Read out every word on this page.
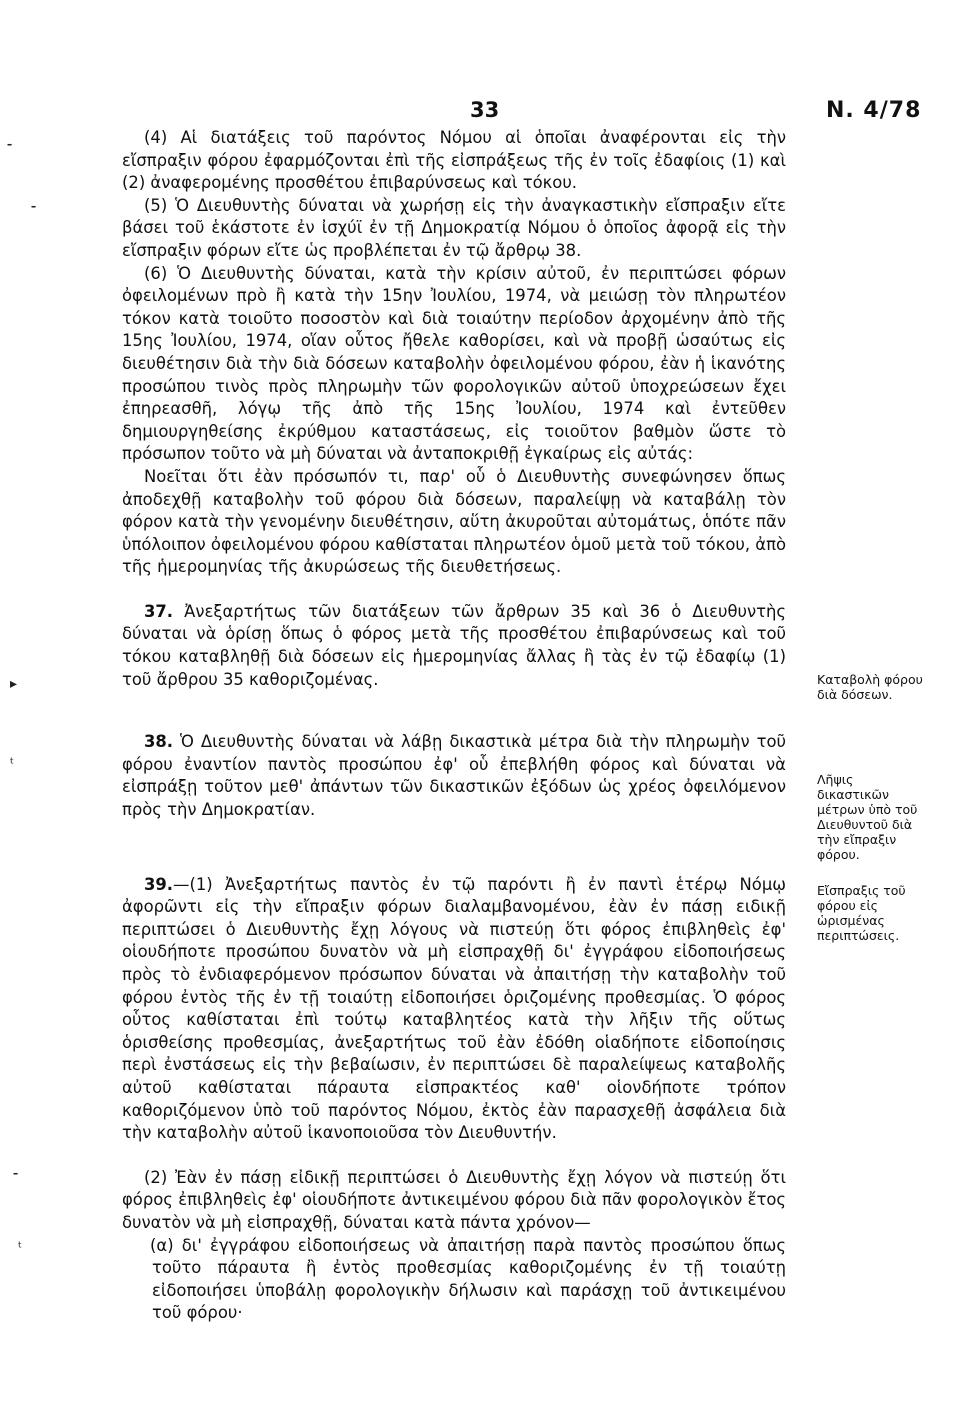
33	N. 4/78

(4) Αἱ διατάξεις τοῦ παρόντος Νόμου αἱ ὁποῖαι ἀναφέρονται εἰς τὴν εἴσπραξιν φόρου ἐφαρμόζονται ἐπὶ τῆς εἰσπράξεως τῆς ἐν τοῖς ἐδαφίοις (1) καὶ (2) ἀναφερομένης προσθέτου ἐπιβαρύνσεως καὶ τόκου.

(5) Ὁ Διευθυντὴς δύναται νὰ χωρήσῃ εἰς τὴν ἀναγκαστικὴν εἴσπραξιν εἴτε βάσει τοῦ ἑκάστοτε ἐν ἰσχύϊ ἐν τῇ Δημοκρατίᾳ Νόμου ὁ ὁποῖος ἀφορᾷ εἰς τὴν εἴσπραξιν φόρων εἴτε ὡς προβλέπεται ἐν τῷ ἄρθρῳ 38.

(6) Ὁ Διευθυντὴς δύναται, κατὰ τὴν κρίσιν αὐτοῦ, ἐν περιπτώσει φόρων ὀφειλομένων πρὸ ἢ κατὰ τὴν 15ην Ἰουλίου, 1974, νὰ μειώσῃ τὸν πληρωτέον τόκον κατὰ τοιοῦτο ποσοστὸν καὶ διὰ τοιαύτην περίοδον ἀρχομένην ἀπὸ τῆς 15ης Ἰουλίου, 1974, οἵαν οὗτος ἤθελε καθορίσει, καὶ νὰ προβῇ ὡσαύτως εἰς διευθέτησιν διὰ τὴν διὰ δόσεων καταβολὴν ὀφειλομένου φόρου, ἐὰν ἡ ἱκανότης προσώπου τινὸς πρὸς πληρωμὴν τῶν φορολογικῶν αὐτοῦ ὑποχρεώσεων ἔχει ἐπηρεασθῆ, λόγῳ τῆς ἀπὸ τῆς 15ης Ἰουλίου, 1974 καὶ ἐντεῦθεν δημιουργηθείσης ἐκρύθμου καταστάσεως, εἰς τοιοῦτον βαθμὸν ὥστε τὸ πρόσωπον τοῦτο νὰ μὴ δύναται νὰ ἀνταποκριθῇ ἐγκαίρως εἰς αὐτάς:

Νοεῖται ὅτι ἐὰν πρόσωπόν τι, παρ' οὗ ὁ Διευθυντὴς συνεφώνησεν ὅπως ἀποδεχθῇ καταβολὴν τοῦ φόρου διὰ δόσεων, παραλείψῃ νὰ καταβάλῃ τὸν φόρον κατὰ τὴν γενομένην διευθέτησιν, αὕτη ἀκυροῦται αὐτομάτως, ὁπότε πᾶν ὑπόλοιπον ὀφειλομένου φόρου καθίσταται πληρωτέον ὁμοῦ μετὰ τοῦ τόκου, ἀπὸ τῆς ἡμερομηνίας τῆς ἀκυρώσεως τῆς διευθετήσεως.

37. Ἀνεξαρτήτως τῶν διατάξεων τῶν ἄρθρων 35 καὶ 36 ὁ Διευθυντὴς δύναται νὰ ὁρίσῃ ὅπως ὁ φόρος μετὰ τῆς προσθέτου ἐπιβαρύνσεως καὶ τοῦ τόκου καταβληθῇ διὰ δόσεων εἰς ἡμερομηνίας ἄλλας ἢ τὰς ἐν τῷ ἐδαφίῳ (1) τοῦ ἄρθρου 35 καθοριζομένας.

38. Ὁ Διευθυντὴς δύναται νὰ λάβῃ δικαστικὰ μέτρα διὰ τὴν πληρωμὴν τοῦ φόρου ἐναντίον παντὸς προσώπου ἐφ' οὗ ἐπεβλήθη φόρος καὶ δύναται νὰ εἰσπράξῃ τοῦτον μεθ' ἀπάντων τῶν δικαστικῶν ἐξόδων ὡς χρέος ὀφειλόμενον πρὸς τὴν Δημοκρατίαν.

39.—(1) Ἀνεξαρτήτως παντὸς ἐν τῷ παρόντι ἢ ἐν παντὶ ἑτέρῳ Νόμῳ ἀφορῶντι εἰς τὴν εἴπραξιν φόρων διαλαμβανομένου, ἐὰν ἐν πάσῃ ειδικῇ περιπτώσει ὁ Διευθυντὴς ἔχῃ λόγους νὰ πιστεύῃ ὅτι φόρος ἐπιβληθεὶς ἐφ' οἱουδήποτε προσώπου δυνατὸν νὰ μὴ εἰσπραχθῇ δι' ἐγγράφου εἰδοποιήσεως πρὸς τὸ ἐνδιαφερόμενον πρόσωπον δύναται νὰ ἀπαιτήσῃ τὴν καταβολὴν τοῦ φόρου ἐντὸς τῆς ἐν τῇ τοιαύτῃ εἰδοποιήσει ὁριζομένης προθεσμίας. Ὁ φόρος οὗτος καθίσταται ἐπὶ τούτῳ καταβλητέος κατὰ τὴν λῆξιν τῆς οὕτως ὁρισθείσης προθεσμίας, ἀνεξαρτήτως τοῦ ἐὰν ἐδόθη οἱαδήποτε εἰδοποίησις περὶ ἐνστάσεως εἰς τὴν βεβαίωσιν, ἐν περιπτώσει δὲ παραλείψεως καταβολῆς αὐτοῦ καθίσταται πάραυτα εἰσπρακτέος καθ' οἱονδήποτε τρόπον καθοριζόμενον ὑπὸ τοῦ παρόντος Νόμου, ἐκτὸς ἐὰν παρασχεθῇ ἀσφάλεια διὰ τὴν καταβολὴν αὐτοῦ ἱκανοποιοῦσα τὸν Διευθυντήν.

(2) Ἐὰν ἐν πάσῃ εἰδικῇ περιπτώσει ὁ Διευθυντὴς ἔχῃ λόγον νὰ πιστεύῃ ὅτι φόρος ἐπιβληθεὶς ἐφ' οἱουδήποτε ἀντικειμένου φόρου διὰ πᾶν φορολογικὸν ἔτος δυνατὸν νὰ μὴ εἰσπραχθῇ, δύναται κατὰ πάντα χρόνον—

(α) δι' ἐγγράφου εἰδοποιήσεως νὰ ἀπαιτήσῃ παρὰ παντὸς προσώπου ὅπως τοῦτο πάραυτα ἢ ἐντὸς προθεσμίας καθοριζομένης ἐν τῇ τοιαύτῃ εἰδοποιήσει ὑποβάλῃ φορολογικὴν δήλωσιν καὶ παράσχῃ τοῦ ἀντικειμένου τοῦ φόρου·

Καταβολὴ φόρου διὰ δόσεων.
Λῆψις δικαστικῶν μέτρων ὑπὸ τοῦ Διευθυντοῦ διὰ τὴν εἴπραξιν φόρου.
Εἴσπραξις τοῦ φόρου εἰς ὡρισμένας περιπτώσεις.
⁃
⁃
▸
ᵗ
⁃
ᵗ
